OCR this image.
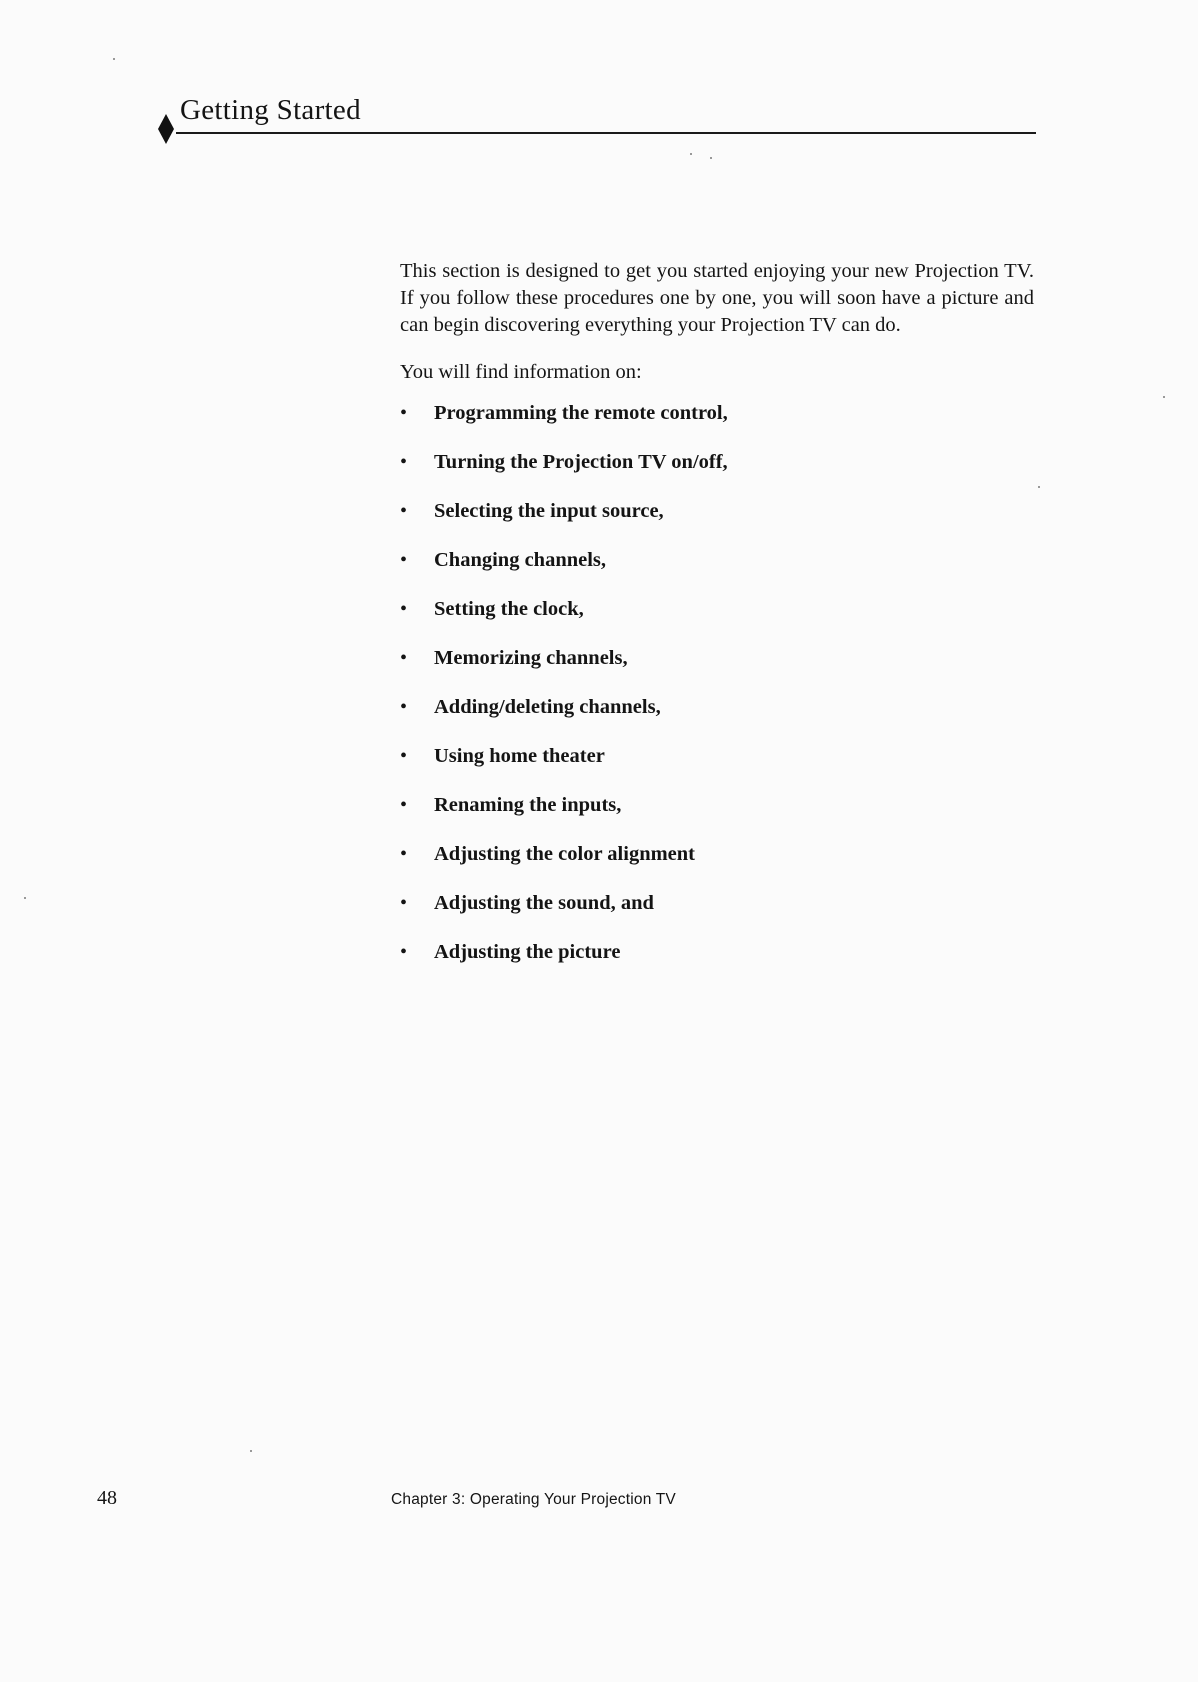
Getting Started

This section is designed to get you started enjoying your new Projection TV. If you follow these procedures one by one, you will soon have a picture and can begin discovering everything your Projection TV can do.

You will find information on:

• Programming the remote control,
• Turning the Projection TV on/off,
• Selecting the input source,
• Changing channels,
• Setting the clock,
• Memorizing channels,
• Adding/deleting channels,
• Using home theater
• Renaming the inputs,
• Adjusting the color alignment
• Adjusting the sound, and
• Adjusting the picture

48	Chapter 3: Operating Your Projection TV
